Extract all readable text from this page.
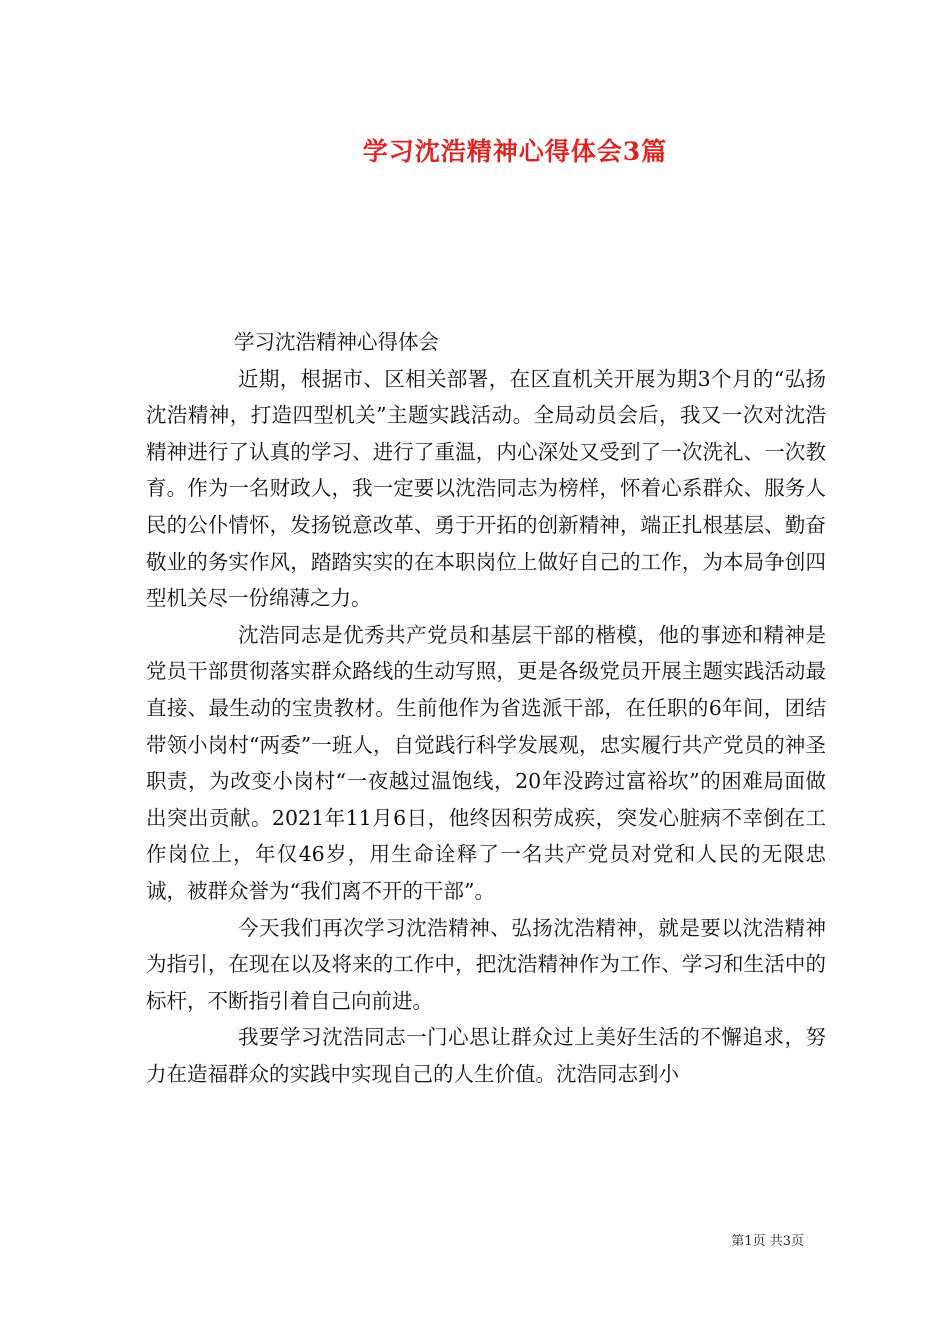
学习沈浩精神心得体会3篇

学习沈浩精神心得体会

近期，根据市、区相关部署，在区直机关开展为期3个月的“弘扬沈浩精神，打造四型机关”主题实践活动。全局动员会后，我又一次对沈浩精神进行了认真的学习、进行了重温，内心深处又受到了一次洗礼、一次教育。作为一名财政人，我一定要以沈浩同志为榜样，怀着心系群众、服务人民的公仆情怀，发扬锐意改革、勇于开拓的创新精神，端正扎根基层、勤奋敬业的务实作风，踏踏实实的在本职岗位上做好自己的工作，为本局争创四型机关尽一份绵薄之力。

沈浩同志是优秀共产党员和基层干部的楷模，他的事迹和精神是党员干部贯彻落实群众路线的生动写照，更是各级党员开展主题实践活动最直接、最生动的宝贵教材。生前他作为省选派干部，在任职的6年间，团结带领小岗村“两委”一班人，自觉践行科学发展观，忠实履行共产党员的神圣职责，为改变小岗村“一夜越过温饱线，20年没跨过富裕坎”的困难局面做出突出贡献。2021年11月6日，他终因积劳成疾，突发心脏病不幸倒在工作岗位上，年仅46岁，用生命诠释了一名共产党员对党和人民的无限忠诚，被群众誉为“我们离不开的干部”。

今天我们再次学习沈浩精神、弘扬沈浩精神，就是要以沈浩精神为指引，在现在以及将来的工作中，把沈浩精神作为工作、学习和生活中的标杆，不断指引着自己向前进。

我要学习沈浩同志一门心思让群众过上美好生活的不懈追求，努力在造福群众的实践中实现自己的人生价值。沈浩同志到小

第1页 共3页
